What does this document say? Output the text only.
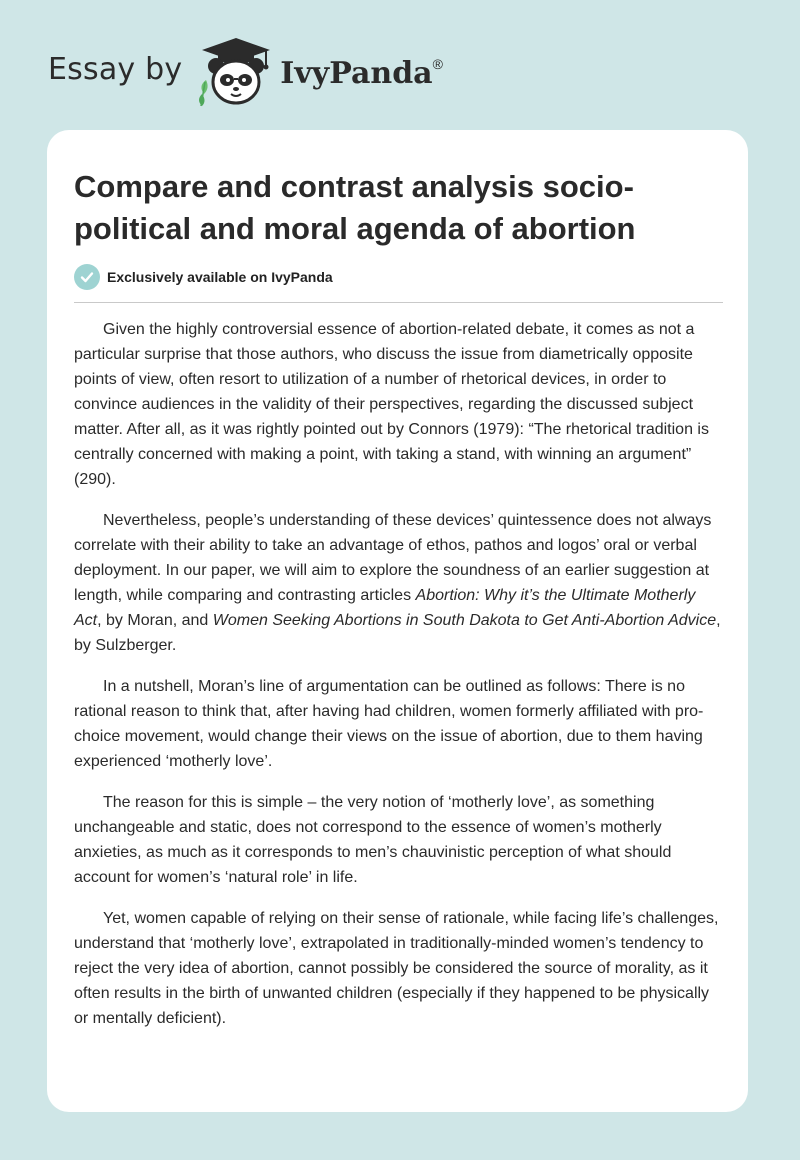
Essay by	IvyPanda®
Compare and contrast analysis socio-political and moral agenda of abortion
Exclusively available on IvyPanda

Given the highly controversial essence of abortion-related debate, it comes as not a particular surprise that those authors, who discuss the issue from diametrically opposite points of view, often resort to utilization of a number of rhetorical devices, in order to convince audiences in the validity of their perspectives, regarding the discussed subject matter. After all, as it was rightly pointed out by Connors (1979): “The rhetorical tradition is centrally concerned with making a point, with taking a stand, with winning an argument” (290).

Nevertheless, people’s understanding of these devices’ quintessence does not always correlate with their ability to take an advantage of ethos, pathos and logos’ oral or verbal deployment. In our paper, we will aim to explore the soundness of an earlier suggestion at length, while comparing and contrasting articles Abortion: Why it’s the Ultimate Motherly Act, by Moran, and Women Seeking Abortions in South Dakota to Get Anti-Abortion Advice, by Sulzberger.

In a nutshell, Moran’s line of argumentation can be outlined as follows: There is no rational reason to think that, after having had children, women formerly affiliated with pro-choice movement, would change their views on the issue of abortion, due to them having experienced ‘motherly love’.

The reason for this is simple – the very notion of ‘motherly love’, as something unchangeable and static, does not correspond to the essence of women’s motherly anxieties, as much as it corresponds to men’s chauvinistic perception of what should account for women’s ‘natural role’ in life.

Yet, women capable of relying on their sense of rationale, while facing life’s challenges, understand that ‘motherly love’, extrapolated in traditionally-minded women’s tendency to reject the very idea of abortion, cannot possibly be considered the source of morality, as it often results in the birth of unwanted children (especially if they happened to be physically or mentally deficient).
